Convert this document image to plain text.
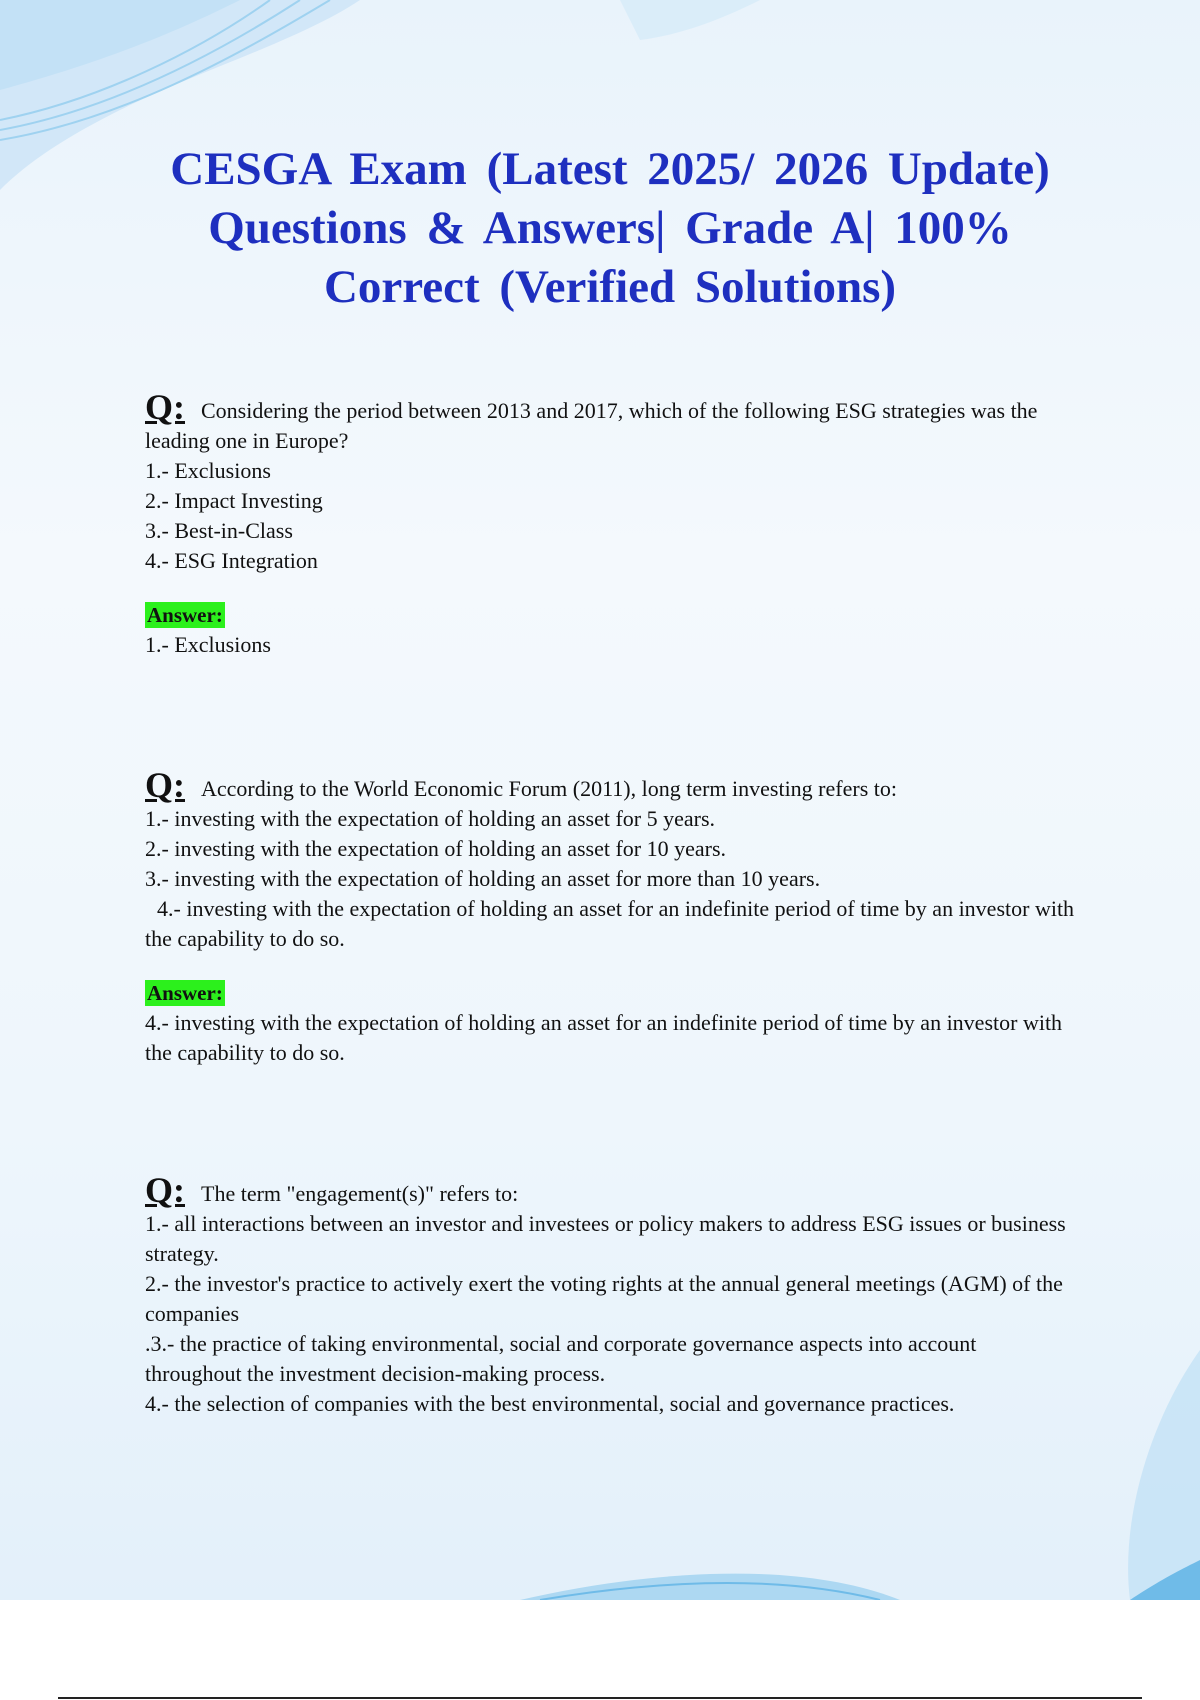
CESGA Exam (Latest 2025/ 2026 Update) Questions & Answers| Grade A| 100% Correct (Verified Solutions)

Q: Considering the period between 2013 and 2017, which of the following ESG strategies was the leading one in Europe?

1.- Exclusions

2.- Impact Investing

3.- Best-in-Class

4.- ESG Integration

Answer:

1.- Exclusions

Q: According to the World Economic Forum (2011), long term investing refers to:

1.- investing with the expectation of holding an asset for 5 years.

2.- investing with the expectation of holding an asset for 10 years.

3.- investing with the expectation of holding an asset for more than 10 years.

4.- investing with the expectation of holding an asset for an indefinite period of time by an investor with the capability to do so.

Answer:

4.- investing with the expectation of holding an asset for an indefinite period of time by an investor with the capability to do so.

Q: The term "engagement(s)" refers to:

1.- all interactions between an investor and investees or policy makers to address ESG issues or business strategy.

2.- the investor's practice to actively exert the voting rights at the annual general meetings (AGM) of the companies

.3.- the practice of taking environmental, social and corporate governance aspects into account throughout the investment decision-making process.

4.- the selection of companies with the best environmental, social and governance practices.
